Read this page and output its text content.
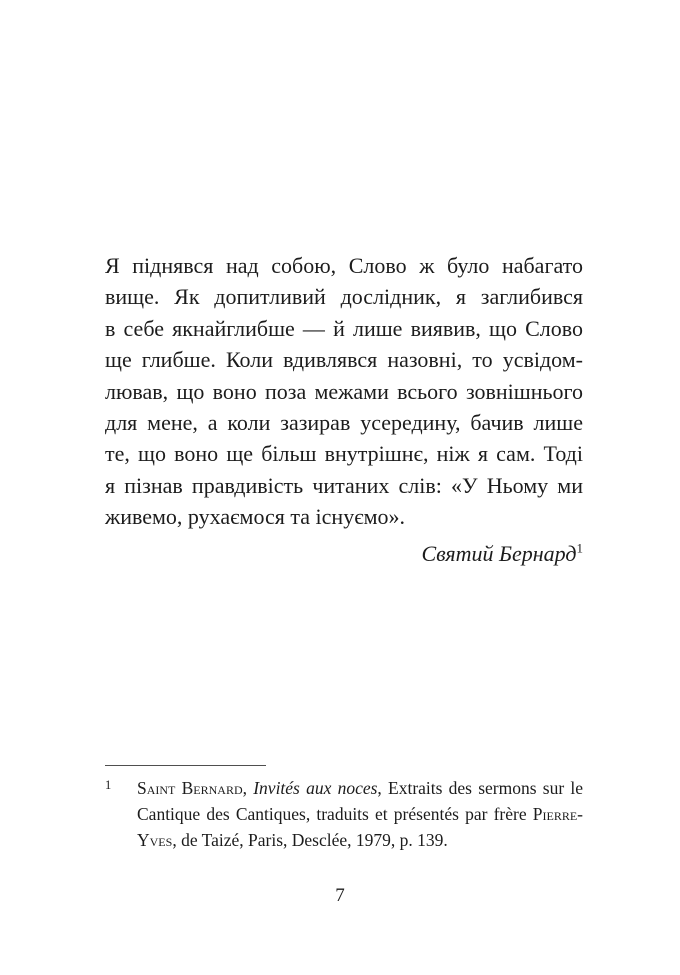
Я піднявся над собою, Слово ж було набагато
вище. Як допитливий дослідник, я заглибився
в себе якнайглибше — й лише виявив, що Слово
ще глибше. Коли вдивлявся назовні, то усвідом-
лював, що воно поза межами всього зовнішнього
для мене, а коли зазирав усередину, бачив лише
те, що воно ще більш внутрішнє, ніж я сам. Тоді
я пізнав правдивість читаних слів: «У Ньому ми
живемо, рухаємося та існуємо».
Святий Бернард$^1$
1 Saint Bernard, Invités aux noces, Extraits des sermons sur le
Cantique des Cantiques, traduits et présentés par frère Pierre-
Yves, de Taizé, Paris, Desclée, 1979, p. 139.
7
